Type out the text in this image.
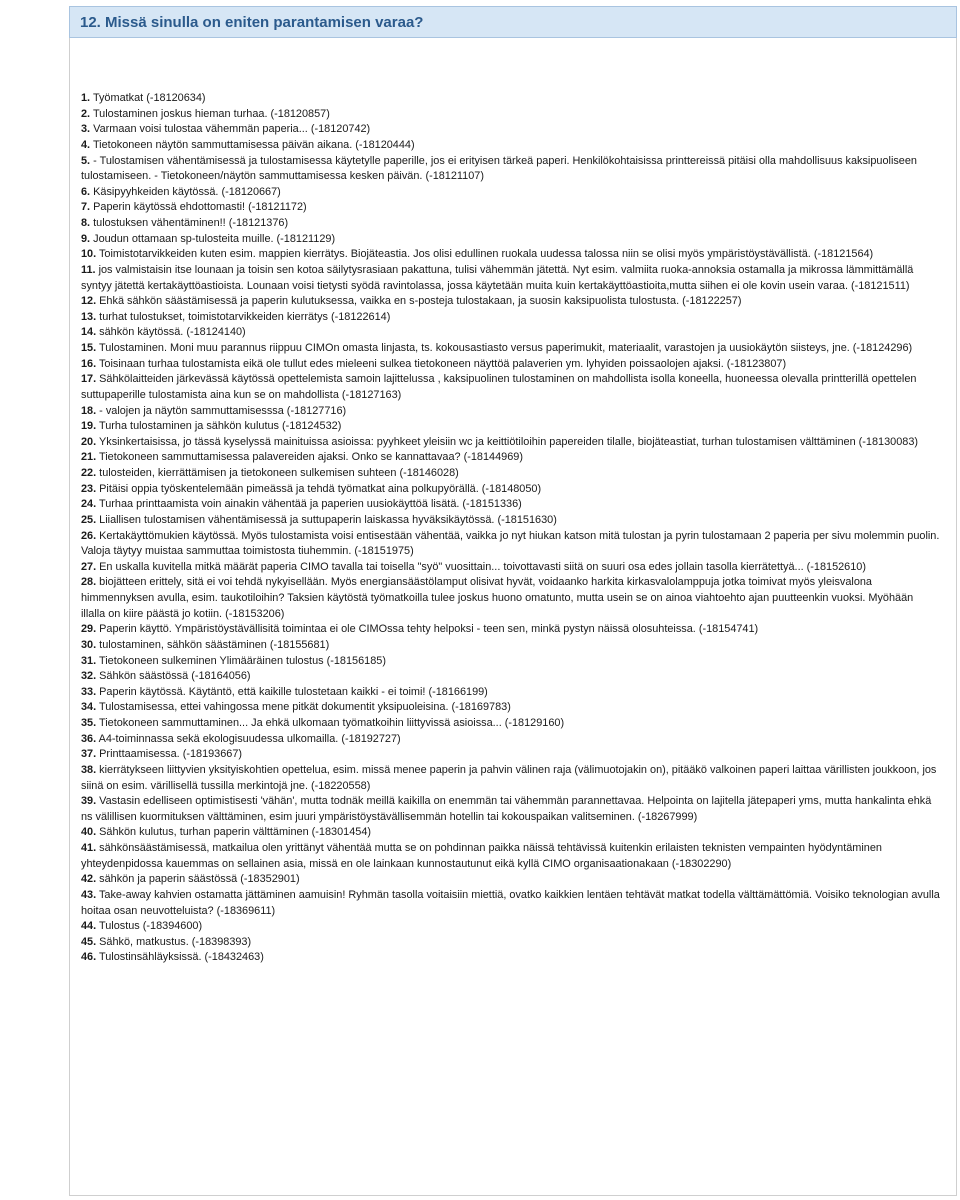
12. Missä sinulla on eniten parantamisen varaa?
1. Työmatkat (-18120634)
2. Tulostaminen joskus hieman turhaa. (-18120857)
3. Varmaan voisi tulostaa vähemmän paperia... (-18120742)
4. Tietokoneen näytön sammuttamisessa päivän aikana. (-18120444)
5. - Tulostamisen vähentämisessä ja tulostamisessa käytetylle paperille, jos ei erityisen tärkeä paperi. Henkilökohtaisissa printtereissä pitäisi olla mahdollisuus kaksipuoliseen tulostamiseen. - Tietokoneen/näytön sammuttamisessa kesken päivän. (-18121107)
6. Käsipyyhkeiden käytössä. (-18120667)
7. Paperin käytössä ehdottomasti! (-18121172)
8. tulostuksen vähentäminen!! (-18121376)
9. Joudun ottamaan sp-tulosteita muille. (-18121129)
10. Toimistotarvikkeiden kuten esim. mappien kierrätys. Biojäteastia. Jos olisi edullinen ruokala uudessa talossa niin se olisi myös ympäristöystävällistä. (-18121564)
11. jos valmistaisin itse lounaan ja toisin sen kotoa säilytysrasiaan pakattuna, tulisi vähemmän jätettä. Nyt esim. valmiita ruoka-annoksia ostamalla ja mikrossa lämmittämällä syntyy jätettä kertakäyttöastioista. Lounaan voisi tietysti syödä ravintolassa, jossa käytetään muita kuin kertakäyttöastioita,mutta siihen ei ole kovin usein varaa. (-18121511)
12. Ehkä sähkön säästämisessä ja paperin kulutuksessa, vaikka en s-posteja tulostakaan, ja suosin kaksipuolista tulostusta. (-18122257)
13. turhat tulostukset, toimistotarvikkeiden kierrätys (-18122614)
14. sähkön käytössä. (-18124140)
15. Tulostaminen. Moni muu parannus riippuu CIMOn omasta linjasta, ts. kokousastiasto versus paperimukit, materiaalit, varastojen ja uusiokäytön siisteys, jne. (-18124296)
16. Toisinaan turhaa tulostamista eikä ole tullut edes mieleeni sulkea tietokoneen näyttöä palaverien ym. lyhyiden poissaolojen ajaksi. (-18123807)
17. Sähkölaitteiden järkevässä käytössä opettelemista samoin lajittelussa , kaksipuolinen tulostaminen on mahdollista isolla koneella, huoneessa olevalla printterillä opettelen suttupaperille tulostamista aina kun se on mahdollista (-18127163)
18. - valojen ja näytön sammuttamisesssa (-18127716)
19. Turha tulostaminen ja sähkön kulutus (-18124532)
20. Yksinkertaisissa, jo tässä kyselyssä mainituissa asioissa: pyyhkeet yleisiin wc ja keittiötiloihin papereiden tilalle, biojäteastiat, turhan tulostamisen välttäminen (-18130083)
21. Tietokoneen sammuttamisessa palavereiden ajaksi. Onko se kannattavaa? (-18144969)
22. tulosteiden, kierrättämisen ja tietokoneen sulkemisen suhteen (-18146028)
23. Pitäisi oppia työskentelemään pimeässä ja tehdä työmatkat aina polkupyörällä. (-18148050)
24. Turhaa printtaamista voin ainakin vähentää ja paperien uusiokäyttöä lisätä. (-18151336)
25. Liiallisen tulostamisen vähentämisessä ja suttupaperin laiskassa hyväksikäytössä. (-18151630)
26. Kertakäyttömukien käytössä. Myös tulostamista voisi entisestään vähentää, vaikka jo nyt hiukan katson mitä tulostan ja pyrin tulostamaan 2 paperia per sivu molemmin puolin. Valoja täytyy muistaa sammuttaa toimistosta tiuhemmin. (-18151975)
27. En uskalla kuvitella mitkä määrät paperia CIMO tavalla tai toisella "syö" vuosittain... toivottavasti siitä on suuri osa edes jollain tasolla kierrätettyä... (-18152610)
28. biojätteen erittely, sitä ei voi tehdä nykyisellään. Myös energiansäästölamput olisivat hyvät, voidaanko harkita kirkasvalolamppuja jotka toimivat myös yleisvalona himmennyksen avulla, esim. taukotiloihin? Taksien käytöstä työmatkoilla tulee joskus huono omatunto, mutta usein se on ainoa viahtoehto ajan puutteenkin vuoksi. Myöhään illalla on kiire päästä jo kotiin. (-18153206)
29. Paperin käyttö. Ympäristöystävällisitä toimintaa ei ole CIMOssa tehty helpoksi - teen sen, minkä pystyn näissä olosuhteissa. (-18154741)
30. tulostaminen, sähkön säästäminen (-18155681)
31. Tietokoneen sulkeminen Ylimääräinen tulostus (-18156185)
32. Sähkön säästössä (-18164056)
33. Paperin käytössä. Käytäntö, että kaikille tulostetaan kaikki - ei toimi! (-18166199)
34. Tulostamisessa, ettei vahingossa mene pitkät dokumentit yksipuoleisina. (-18169783)
35. Tietokoneen sammuttaminen... Ja ehkä ulkomaan työmatkoihin liittyvissä asioissa... (-18129160)
36. A4-toiminnassa sekä ekologisuudessa ulkomailla. (-18192727)
37. Printtaamisessa. (-18193667)
38. kierrätykseen liittyvien yksityiskohtien opettelua, esim. missä menee paperin ja pahvin välinen raja (välimuotojakin on), pitääkö valkoinen paperi laittaa värillisten joukkoon, jos siinä on esim. värillisellä tussilla merkintojä jne. (-18220558)
39. Vastasin edelliseen optimistisesti 'vähän', mutta todnäk meillä kaikilla on enemmän tai vähemmän parannettavaa. Helpointa on lajitella jätepaperi yms, mutta hankalinta ehkä ns välillisen kuormituksen välttäminen, esim juuri ympäristöystävällisemmän hotellin tai kokouspaikan valitseminen. (-18267999)
40. Sähkön kulutus, turhan paperin välttäminen (-18301454)
41. sähkönsäästämisessä, matkailua olen yrittänyt vähentää mutta se on pohdinnan paikka näissä tehtävissä kuitenkin erilaisten teknisten vempainten hyödyntäminen yhteydenpidossa kauemmas on sellainen asia, missä en ole lainkaan kunnostautunut eikä kyllä CIMO organisaationakaan (-18302290)
42. sähkön ja paperin säästössä (-18352901)
43. Take-away kahvien ostamatta jättäminen aamuisin! Ryhmän tasolla voitaisiin miettiä, ovatko kaikkien lentäen tehtävät matkat todella välttämättömiä. Voisiko teknologian avulla hoitaa osan neuvotteluista? (-18369611)
44. Tulostus (-18394600)
45. Sähkö, matkustus. (-18398393)
46. Tulostinsähläyksissä. (-18432463)
